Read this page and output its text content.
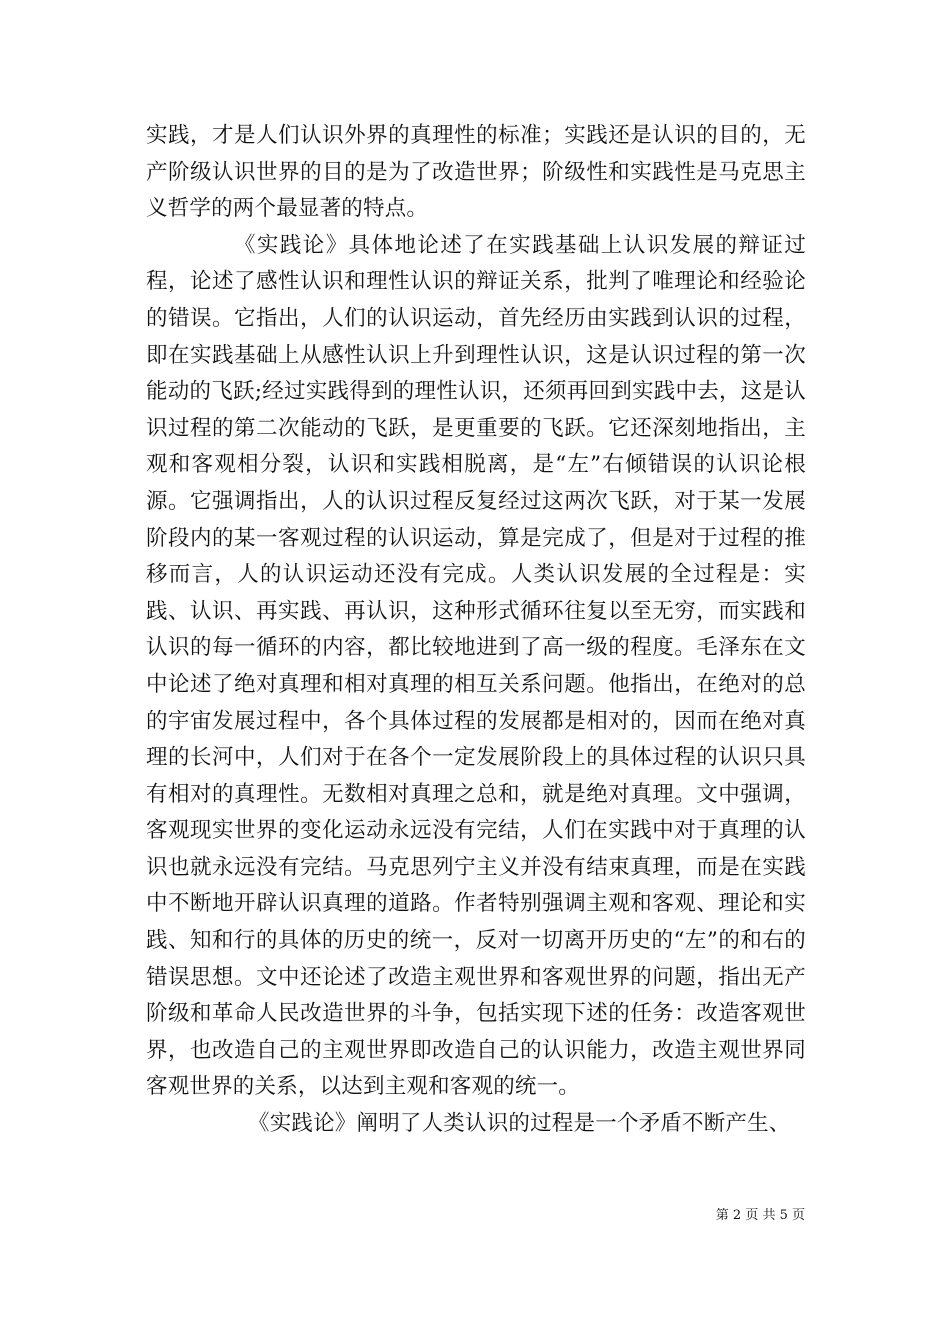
实践，才是人们认识外界的真理性的标准；实践还是认识的目的，无产阶级认识世界的目的是为了改造世界；阶级性和实践性是马克思主义哲学的两个最显著的特点。

《实践论》具体地论述了在实践基础上认识发展的辩证过程，论述了感性认识和理性认识的辩证关系，批判了唯理论和经验论的错误。它指出，人们的认识运动，首先经历由实践到认识的过程，即在实践基础上从感性认识上升到理性认识，这是认识过程的第一次能动的飞跃;经过实践得到的理性认识，还须再回到实践中去，这是认识过程的第二次能动的飞跃，是更重要的飞跃。它还深刻地指出，主观和客观相分裂，认识和实践相脱离，是“左”右倾错误的认识论根源。它强调指出，人的认识过程反复经过这两次飞跃，对于某一发展阶段内的某一客观过程的认识运动，算是完成了，但是对于过程的推移而言，人的认识运动还没有完成。人类认识发展的全过程是：实践、认识、再实践、再认识，这种形式循环往复以至无穷，而实践和认识的每一循环的内容，都比较地进到了高一级的程度。毛泽东在文中论述了绝对真理和相对真理的相互关系问题。他指出，在绝对的总的宇宙发展过程中，各个具体过程的发展都是相对的，因而在绝对真理的长河中，人们对于在各个一定发展阶段上的具体过程的认识只具有相对的真理性。无数相对真理之总和，就是绝对真理。文中强调，客观现实世界的变化运动永远没有完结，人们在实践中对于真理的认识也就永远没有完结。马克思列宁主义并没有结束真理，而是在实践中不断地开辟认识真理的道路。作者特别强调主观和客观、理论和实践、知和行的具体的历史的统一，反对一切离开历史的“左”的和右的错误思想。文中还论述了改造主观世界和客观世界的问题，指出无产阶级和革命人民改造世界的斗争，包括实现下述的任务：改造客观世界，也改造自己的主观世界即改造自己的认识能力，改造主观世界同客观世界的关系，以达到主观和客观的统一。

《实践论》阐明了人类认识的过程是一个矛盾不断产生、

第 2 页 共 5 页
